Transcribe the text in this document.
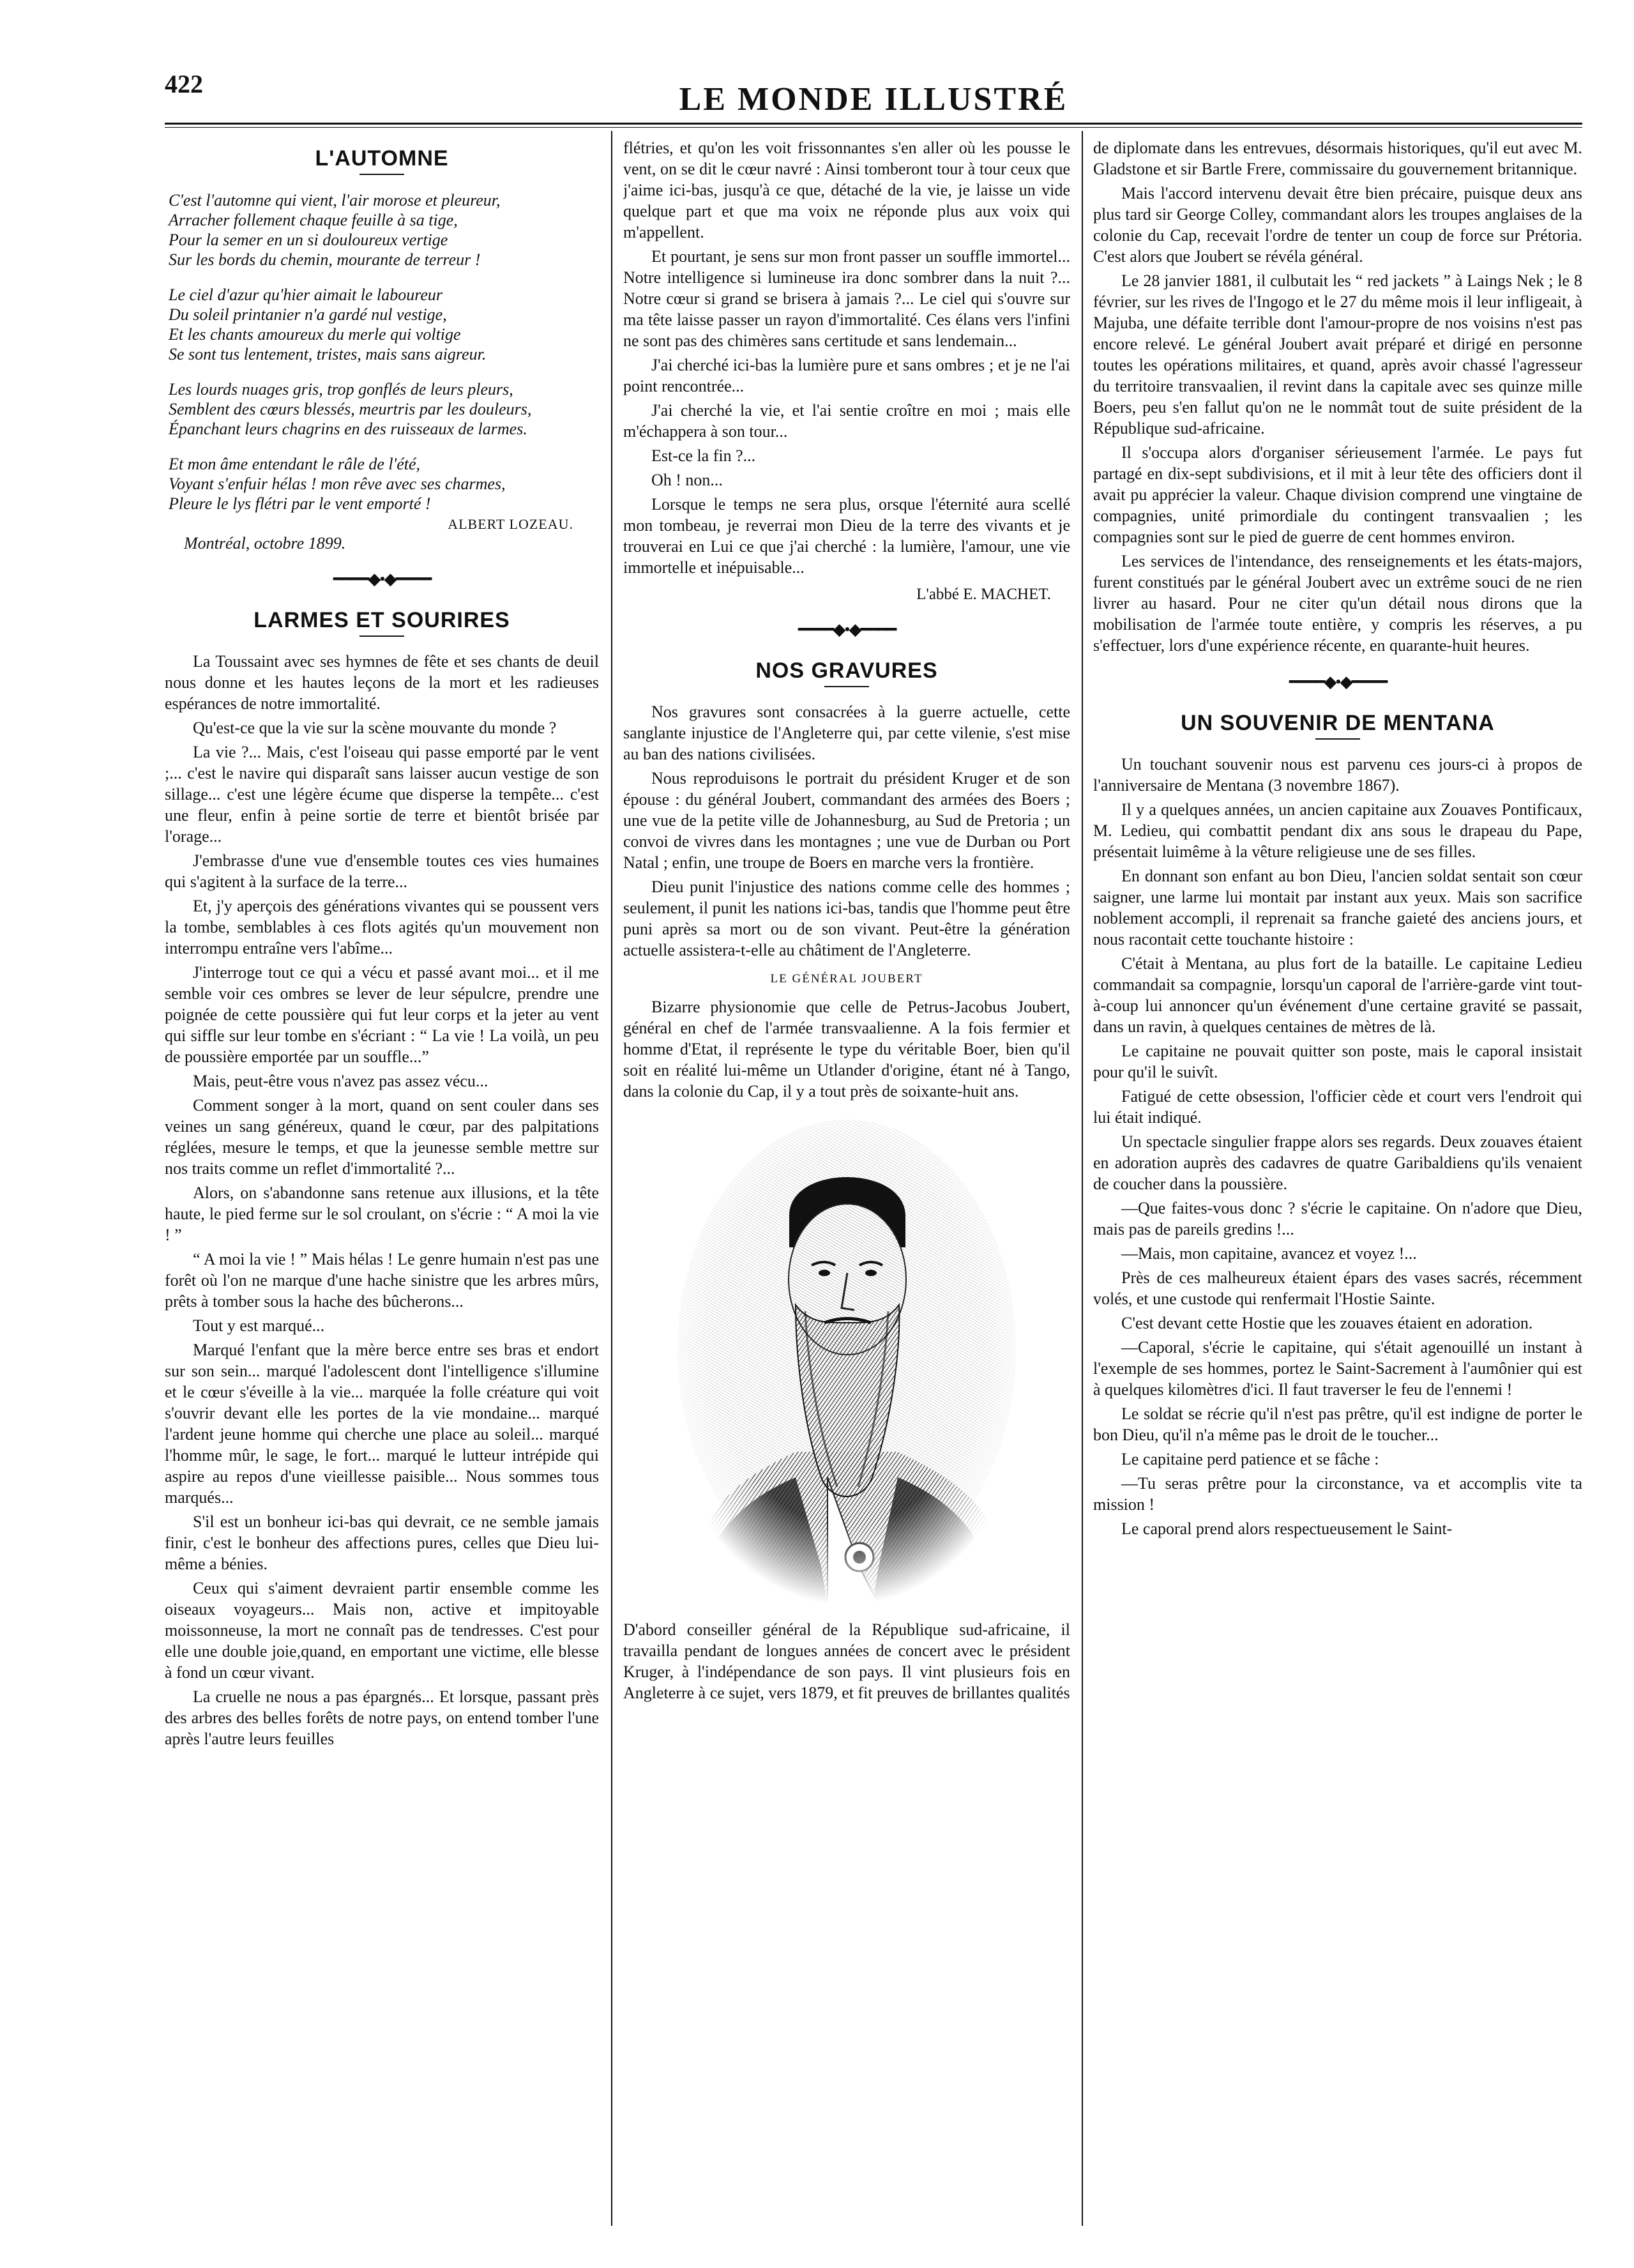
422	LE MONDE ILLUSTRÉ
L'AUTOMNE
C'est l'automne qui vient, l'air morose et pleureur,
Arracher follement chaque feuille à sa tige,
Pour la semer en un si douloureux vertige
Sur les bords du chemin, mourante de terreur !
Le ciel d'azur qu'hier aimait le laboureur
Du soleil printanier n'a gardé nul vestige,
Et les chants amoureux du merle qui voltige
Se sont tus lentement, tristes, mais sans aigreur.
Les lourds nuages gris, trop gonflés de leurs pleurs,
Semblent des cœurs blessés, meurtris par les douleurs,
Épanchant leurs chagrins en des ruisseaux de larmes.
Et mon âme entendant le râle de l'été,
Voyant s'enfuir hélas ! mon rêve avec ses charmes,
Pleure le lys flétri par le vent emporté !
ALBERT LOZEAU.
Montréal, octobre 1899.
━━━━◆•◆━━━━
LARMES ET SOURIRES

La Toussaint avec ses hymnes de fête et ses chants de deuil nous donne et les hautes leçons de la mort et les radieuses espérances de notre immortalité.

Qu'est-ce que la vie sur la scène mouvante du monde ?

La vie ?... Mais, c'est l'oiseau qui passe emporté par le vent ;... c'est le navire qui disparaît sans laisser aucun vestige de son sillage... c'est une légère écume que disperse la tempête... c'est une fleur, enfin à peine sortie de terre et bientôt brisée par l'orage...

J'embrasse d'une vue d'ensemble toutes ces vies humaines qui s'agitent à la surface de la terre...

Et, j'y aperçois des générations vivantes qui se poussent vers la tombe, semblables à ces flots agités qu'un mouvement non interrompu entraîne vers l'abîme...

J'interroge tout ce qui a vécu et passé avant moi... et il me semble voir ces ombres se lever de leur sépulcre, prendre une poignée de cette poussière qui fut leur corps et la jeter au vent qui siffle sur leur tombe en s'écriant : “ La vie ! La voilà, un peu de poussière emportée par un souffle...”

Mais, peut-être vous n'avez pas assez vécu...

Comment songer à la mort, quand on sent couler dans ses veines un sang généreux, quand le cœur, par des palpitations réglées, mesure le temps, et que la jeunesse semble mettre sur nos traits comme un reflet d'immortalité ?...

Alors, on s'abandonne sans retenue aux illusions, et la tête haute, le pied ferme sur le sol croulant, on s'écrie : “ A moi la vie ! ”

“ A moi la vie ! ” Mais hélas ! Le genre humain n'est pas une forêt où l'on ne marque d'une hache sinistre que les arbres mûrs, prêts à tomber sous la hache des bûcherons...

Tout y est marqué...

Marqué l'enfant que la mère berce entre ses bras et endort sur son sein... marqué l'adolescent dont l'intelligence s'illumine et le cœur s'éveille à la vie... marquée la folle créature qui voit s'ouvrir devant elle les portes de la vie mondaine... marqué l'ardent jeune homme qui cherche une place au soleil... marqué l'homme mûr, le sage, le fort... marqué le lutteur intrépide qui aspire au repos d'une vieillesse paisible... Nous sommes tous marqués...

S'il est un bonheur ici-bas qui devrait, ce ne semble jamais finir, c'est le bonheur des affections pures, celles que Dieu lui-même a bénies.

Ceux qui s'aiment devraient partir ensemble comme les oiseaux voyageurs... Mais non, active et impitoyable moissonneuse, la mort ne connaît pas de tendresses. C'est pour elle une double joie,quand, en emportant une victime, elle blesse à fond un cœur vivant.

La cruelle ne nous a pas épargnés... Et lorsque, passant près des arbres des belles forêts de notre pays, on entend tomber l'une après l'autre leurs feuilles

flétries, et qu'on les voit frissonnantes s'en aller où les pousse le vent, on se dit le cœur navré : Ainsi tomberont tour à tour ceux que j'aime ici-bas, jusqu'à ce que, détaché de la vie, je laisse un vide quelque part et que ma voix ne réponde plus aux voix qui m'appellent.

Et pourtant, je sens sur mon front passer un souffle immortel... Notre intelligence si lumineuse ira donc sombrer dans la nuit ?... Notre cœur si grand se brisera à jamais ?... Le ciel qui s'ouvre sur ma tête laisse passer un rayon d'immortalité. Ces élans vers l'infini ne sont pas des chimères sans certitude et sans lendemain...

J'ai cherché ici-bas la lumière pure et sans ombres ; et je ne l'ai point rencontrée...

J'ai cherché la vie, et l'ai sentie croître en moi ; mais elle m'échappera à son tour...

Est-ce la fin ?...

Oh ! non...

Lorsque le temps ne sera plus, orsque l'éternité aura scellé mon tombeau, je reverrai mon Dieu de la terre des vivants et je trouverai en Lui ce que j'ai cherché : la lumière, l'amour, une vie immortelle et inépuisable...

L'abbé E. MACHET.
━━━━◆•◆━━━━
NOS GRAVURES

Nos gravures sont consacrées à la guerre actuelle, cette sanglante injustice de l'Angleterre qui, par cette vilenie, s'est mise au ban des nations civilisées.

Nous reproduisons le portrait du président Kruger et de son épouse : du général Joubert, commandant des armées des Boers ; une vue de la petite ville de Johannesburg, au Sud de Pretoria ; un convoi de vivres dans les montagnes ; une vue de Durban ou Port Natal ; enfin, une troupe de Boers en marche vers la frontière.

Dieu punit l'injustice des nations comme celle des hommes ; seulement, il punit les nations ici-bas, tandis que l'homme peut être puni après sa mort ou de son vivant. Peut-être la génération actuelle assistera-t-elle au châtiment de l'Angleterre.

LE GÉNÉRAL JOUBERT

Bizarre physionomie que celle de Petrus-Jacobus Joubert, général en chef de l'armée transvaalienne. A la fois fermier et homme d'Etat, il représente le type du véritable Boer, bien qu'il soit en réalité lui-même un Utlander d'origine, étant né à Tango, dans la colonie du Cap, il y a tout près de soixante-huit ans.

D'abord conseiller général de la République sud-africaine, il travailla pendant de longues années de concert avec le président Kruger, à l'indépendance de son pays. Il vint plusieurs fois en Angleterre à ce sujet, vers 1879, et fit preuves de brillantes qualités

de diplomate dans les entrevues, désormais historiques, qu'il eut avec M. Gladstone et sir Bartle Frere, commissaire du gouvernement britannique.

Mais l'accord intervenu devait être bien précaire, puisque deux ans plus tard sir George Colley, commandant alors les troupes anglaises de la colonie du Cap, recevait l'ordre de tenter un coup de force sur Prétoria. C'est alors que Joubert se révéla général.

Le 28 janvier 1881, il culbutait les “ red jackets ” à Laings Nek ; le 8 février, sur les rives de l'Ingogo et le 27 du même mois il leur infligeait, à Majuba, une défaite terrible dont l'amour-propre de nos voisins n'est pas encore relevé. Le général Joubert avait préparé et dirigé en personne toutes les opérations militaires, et quand, après avoir chassé l'agresseur du territoire transvaalien, il revint dans la capitale avec ses quinze mille Boers, peu s'en fallut qu'on ne le nommât tout de suite président de la République sud-africaine.

Il s'occupa alors d'organiser sérieusement l'armée. Le pays fut partagé en dix-sept subdivisions, et il mit à leur tête des officiers dont il avait pu apprécier la valeur. Chaque division comprend une vingtaine de compagnies, unité primordiale du contingent transvaalien ; les compagnies sont sur le pied de guerre de cent hommes environ.

Les services de l'intendance, des renseignements et les états-majors, furent constitués par le général Joubert avec un extrême souci de ne rien livrer au hasard. Pour ne citer qu'un détail nous dirons que la mobilisation de l'armée toute entière, y compris les réserves, a pu s'effectuer, lors d'une expérience récente, en quarante-huit heures.

━━━━◆•◆━━━━
UN SOUVENIR DE MENTANA

Un touchant souvenir nous est parvenu ces jours-ci à propos de l'anniversaire de Mentana (3 novembre 1867).

Il y a quelques années, un ancien capitaine aux Zouaves Pontificaux, M. Ledieu, qui combattit pendant dix ans sous le drapeau du Pape, présentait luimême à la vêture religieuse une de ses filles.

En donnant son enfant au bon Dieu, l'ancien soldat sentait son cœur saigner, une larme lui montait par instant aux yeux. Mais son sacrifice noblement accompli, il reprenait sa franche gaieté des anciens jours, et nous racontait cette touchante histoire :

C'était à Mentana, au plus fort de la bataille. Le capitaine Ledieu commandait sa compagnie, lorsqu'un caporal de l'arrière-garde vint tout-à-coup lui annoncer qu'un événement d'une certaine gravité se passait, dans un ravin, à quelques centaines de mètres de là.

Le capitaine ne pouvait quitter son poste, mais le caporal insistait pour qu'il le suivît.

Fatigué de cette obsession, l'officier cède et court vers l'endroit qui lui était indiqué.

Un spectacle singulier frappe alors ses regards. Deux zouaves étaient en adoration auprès des cadavres de quatre Garibaldiens qu'ils venaient de coucher dans la poussière.

—Que faites-vous donc ? s'écrie le capitaine. On n'adore que Dieu, mais pas de pareils gredins !...

—Mais, mon capitaine, avancez et voyez !...

Près de ces malheureux étaient épars des vases sacrés, récemment volés, et une custode qui renfermait l'Hostie Sainte.

C'est devant cette Hostie que les zouaves étaient en adoration.

—Caporal, s'écrie le capitaine, qui s'était agenouillé un instant à l'exemple de ses hommes, portez le Saint-Sacrement à l'aumônier qui est à quelques kilomètres d'ici. Il faut traverser le feu de l'ennemi !

Le soldat se récrie qu'il n'est pas prêtre, qu'il est indigne de porter le bon Dieu, qu'il n'a même pas le droit de le toucher...

Le capitaine perd patience et se fâche :

—Tu seras prêtre pour la circonstance, va et accomplis vite ta mission !

Le caporal prend alors respectueusement le Saint-
